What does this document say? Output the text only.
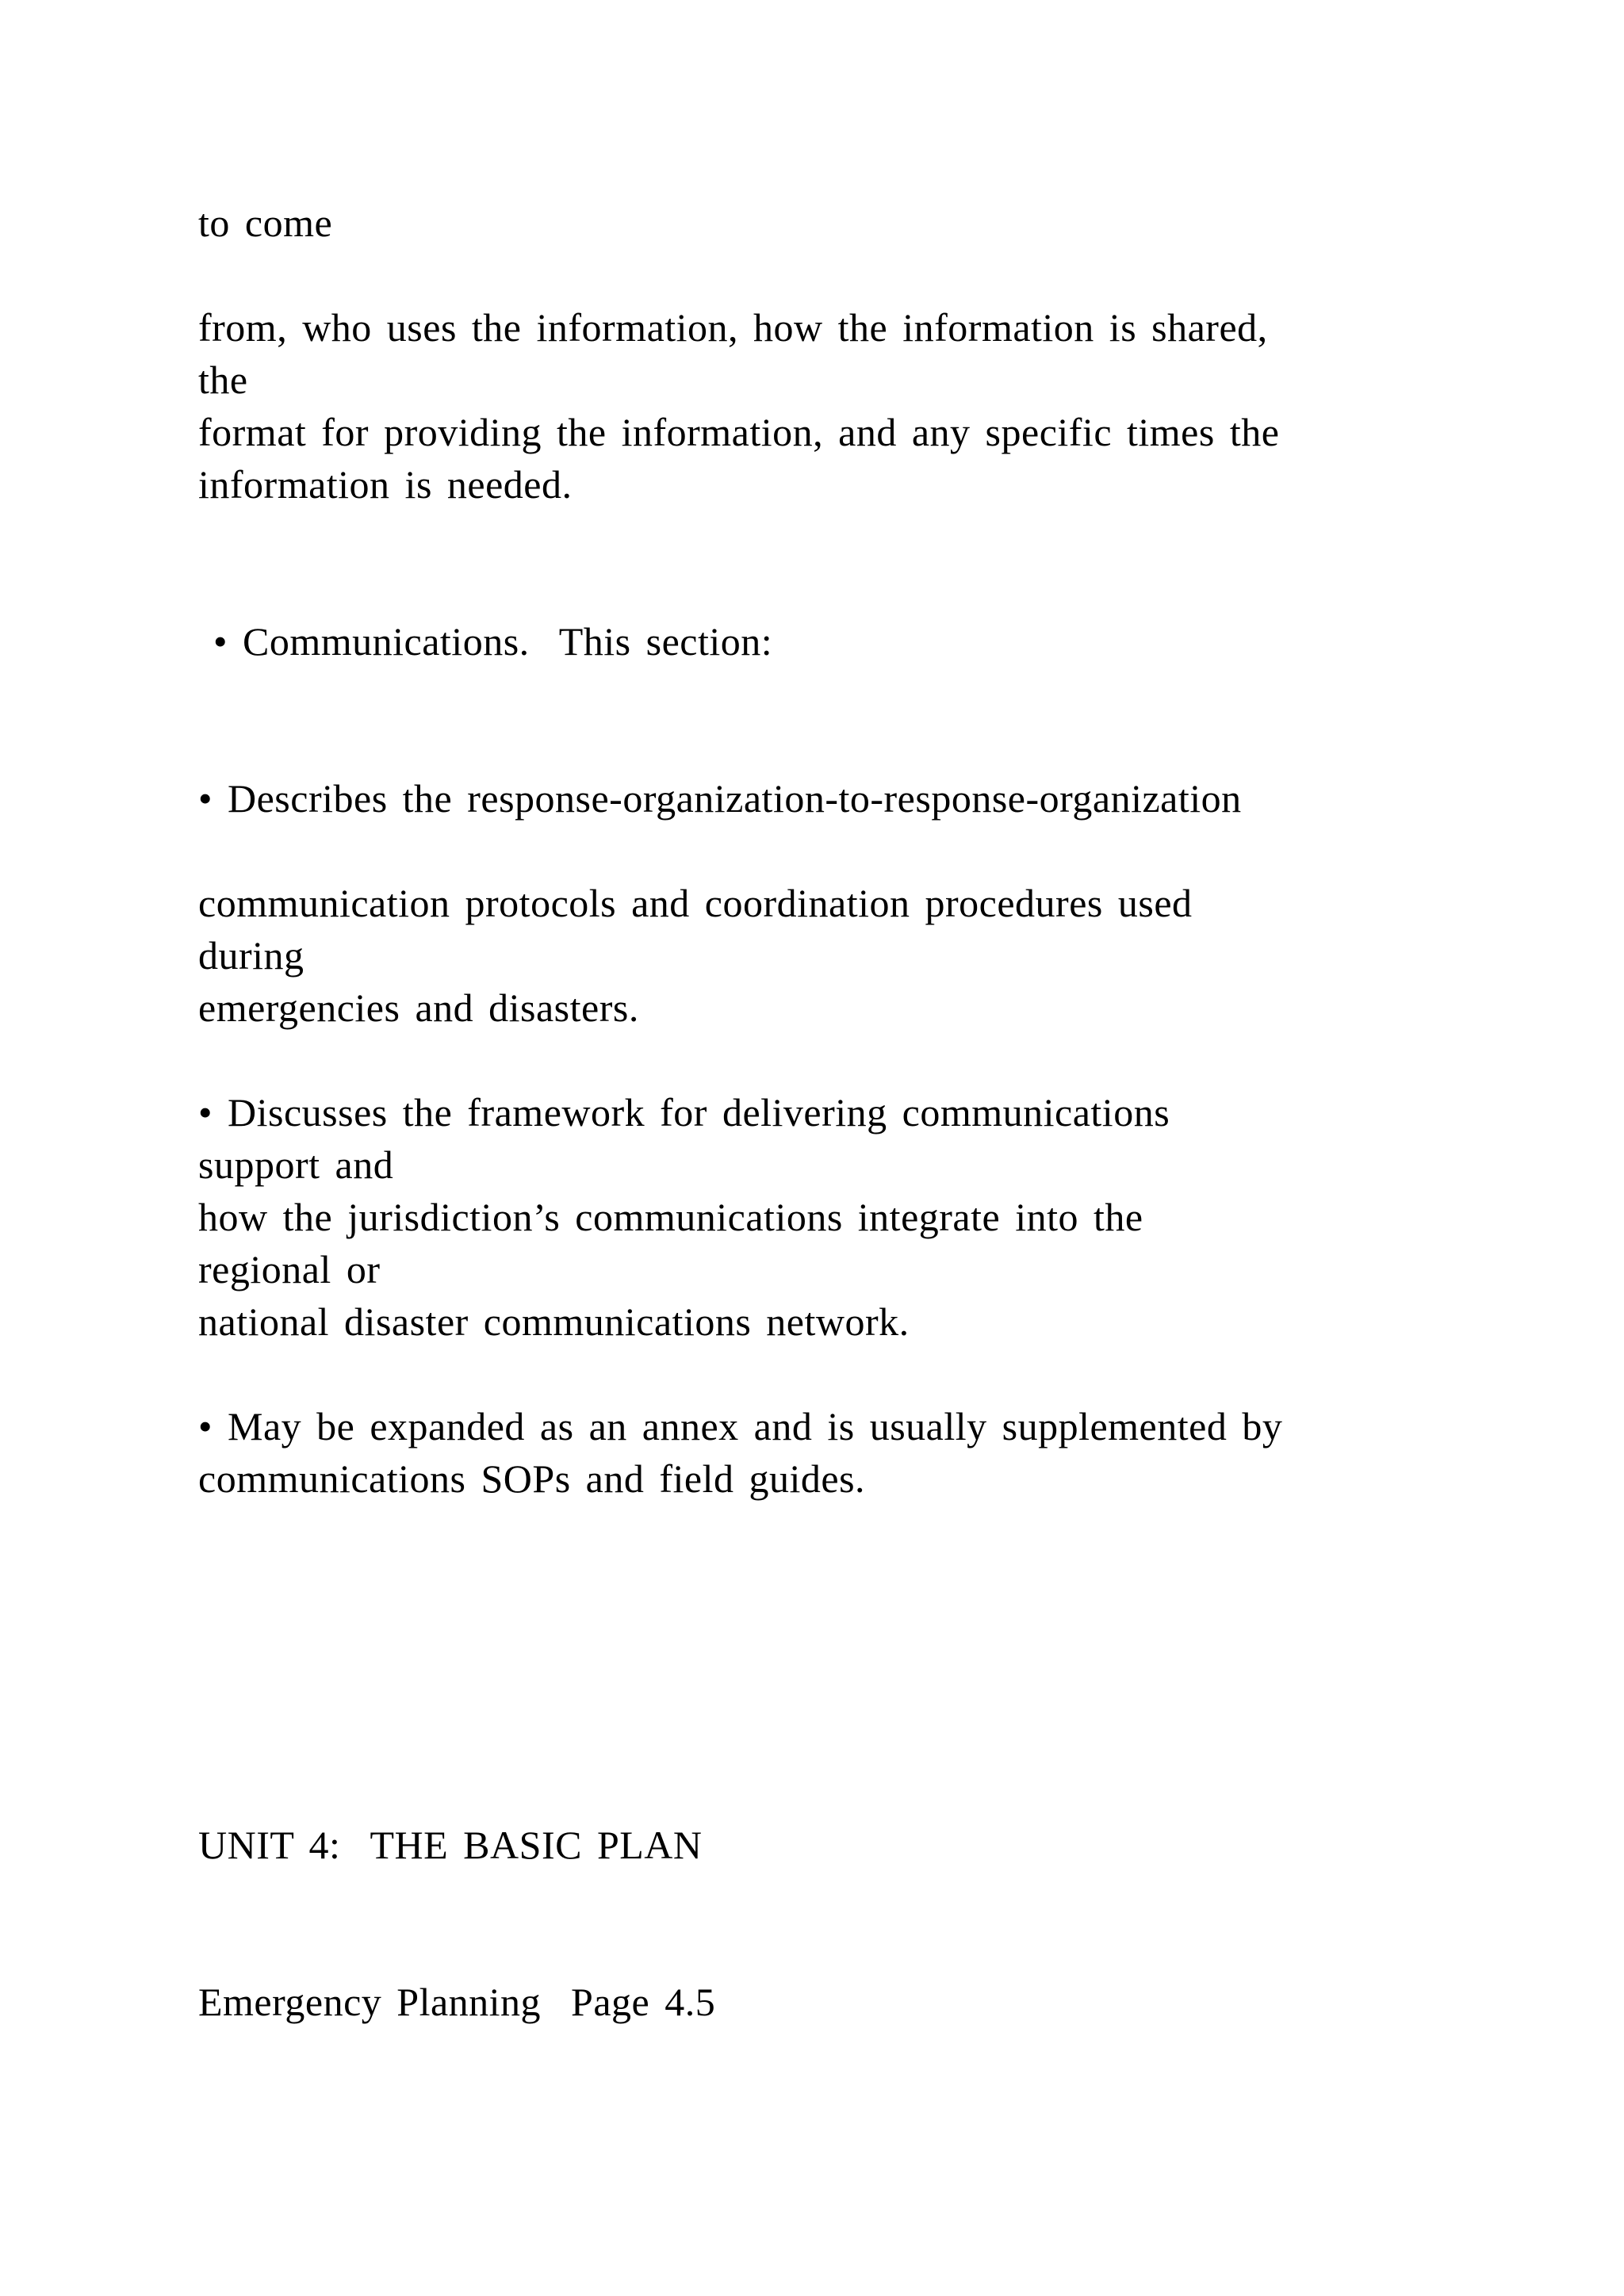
to come
from, who uses the information, how the information is shared,
the
format for providing the information, and any specific times the
information is needed.
• Communications.  This section:
• Describes the response-organization-to-response-organization
communication protocols and coordination procedures used
during
emergencies and disasters.
• Discusses the framework for delivering communications
support and
how the jurisdiction’s communications integrate into the
regional or
national disaster communications network.
• May be expanded as an annex and is usually supplemented by
communications SOPs and field guides.
UNIT 4:  THE BASIC PLAN
Emergency Planning  Page 4.5
